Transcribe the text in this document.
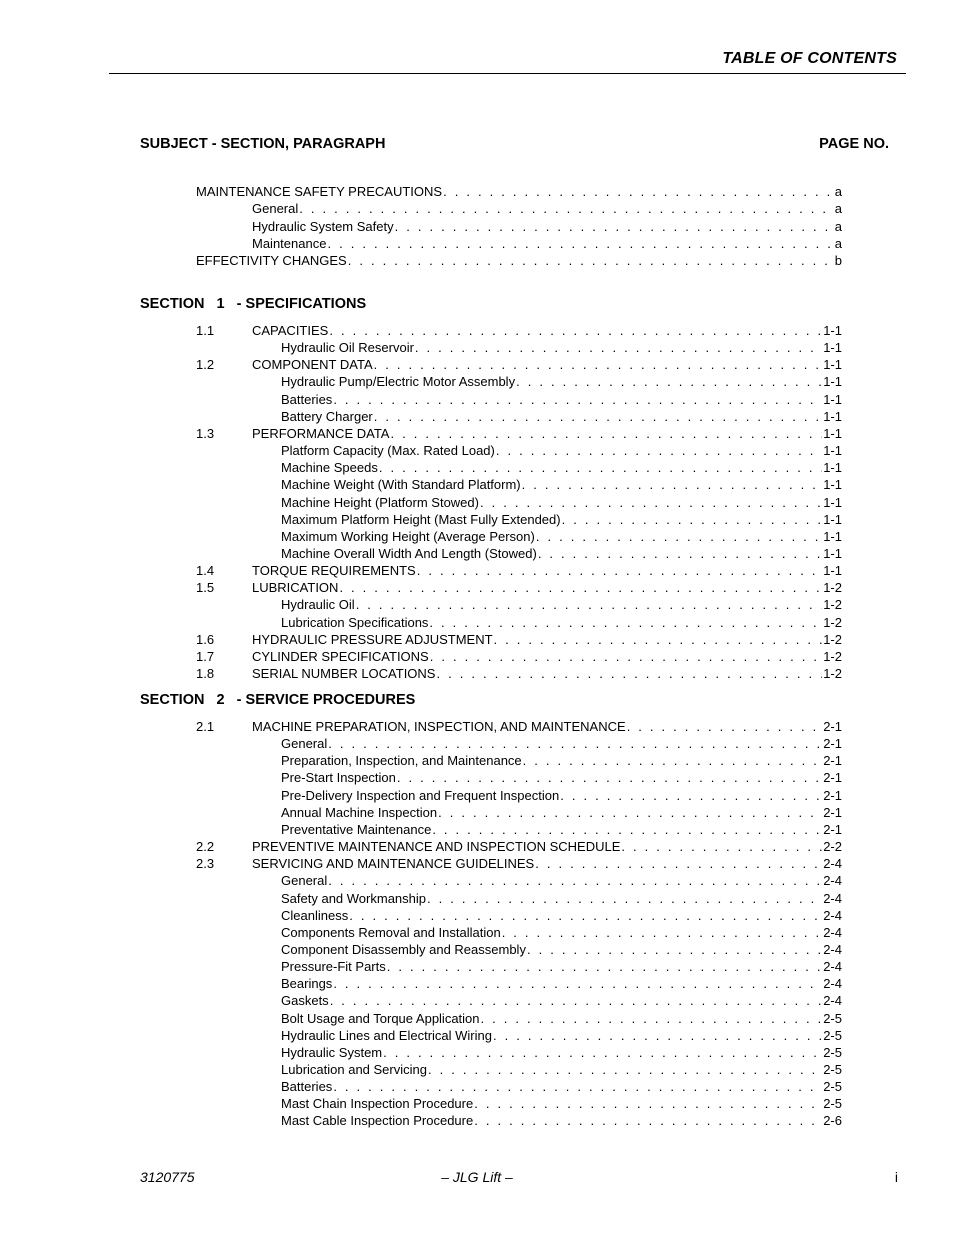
TABLE OF CONTENTS
SUBJECT - SECTION, PARAGRAPH	PAGE NO.
MAINTENANCE SAFETY PRECAUTIONS . . .	a
General . . .	a
Hydraulic System Safety . . .	a
Maintenance . . .	a
EFFECTIVITY CHANGES . . .	b
SECTION   1   - SPECIFICATIONS
1.1	CAPACITIES . . .	1-1
Hydraulic Oil Reservoir . . .	1-1
1.2	COMPONENT DATA . . .	1-1
Hydraulic Pump/Electric Motor Assembly . . .	1-1
Batteries . . .	1-1
Battery Charger . . .	1-1
1.3	PERFORMANCE DATA . . .	1-1
Platform Capacity (Max. Rated Load) . . .	1-1
Machine Speeds . . .	1-1
Machine Weight (With Standard Platform) . . .	1-1
Machine Height (Platform Stowed) . . .	1-1
Maximum Platform Height (Mast Fully Extended) . . .	1-1
Maximum Working Height (Average Person) . . .	1-1
Machine Overall Width And Length (Stowed) . . .	1-1
1.4	TORQUE REQUIREMENTS . . .	1-1
1.5	LUBRICATION . . .	1-2
Hydraulic Oil . . .	1-2
Lubrication Specifications . . .	1-2
1.6	HYDRAULIC PRESSURE ADJUSTMENT . . .	1-2
1.7	CYLINDER SPECIFICATIONS . . .	1-2
1.8	SERIAL NUMBER LOCATIONS . . .	1-2
SECTION   2   - SERVICE PROCEDURES
2.1	MACHINE PREPARATION, INSPECTION, AND MAINTENANCE . . .	2-1
General . . .	2-1
Preparation, Inspection, and Maintenance . . .	2-1
Pre-Start Inspection . . .	2-1
Pre-Delivery Inspection and Frequent Inspection . . .	2-1
Annual Machine Inspection . . .	2-1
Preventative Maintenance . . .	2-1
2.2	PREVENTIVE MAINTENANCE AND INSPECTION SCHEDULE . . .	2-2
2.3	SERVICING AND MAINTENANCE GUIDELINES . . .	2-4
General . . .	2-4
Safety and Workmanship . . .	2-4
Cleanliness . . .	2-4
Components Removal and Installation . . .	2-4
Component Disassembly and Reassembly . . .	2-4
Pressure-Fit Parts . . .	2-4
Bearings . . .	2-4
Gaskets . . .	2-4
Bolt Usage and Torque Application . . .	2-5
Hydraulic Lines and Electrical Wiring . . .	2-5
Hydraulic System . . .	2-5
Lubrication and Servicing . . .	2-5
Batteries . . .	2-5
Mast Chain Inspection Procedure . . .	2-5
Mast Cable Inspection Procedure . . .	2-6
3120775	– JLG Lift –	i
